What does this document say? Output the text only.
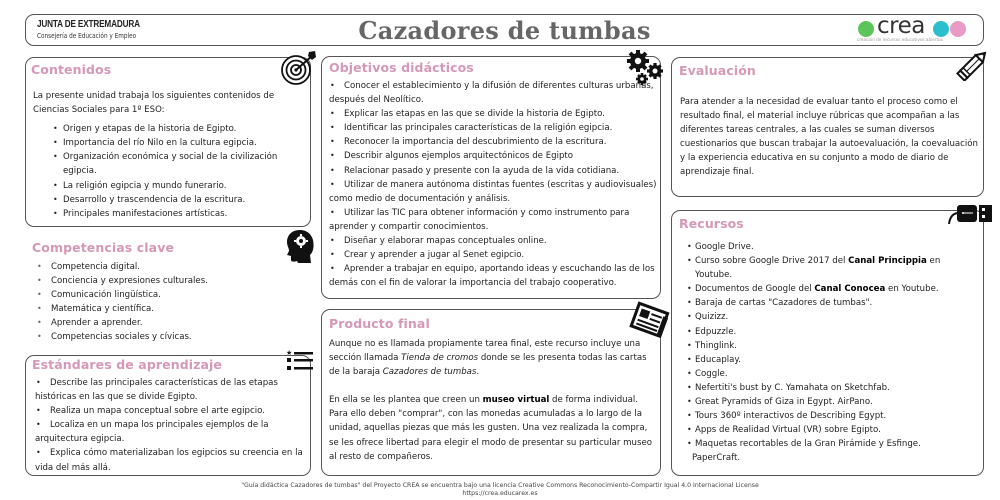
JUNTA DE EXTREMADURA
Consejería de Educación y Empleo	Cazadores de tumbas	crea
creación de recursos educativos abiertos
Contenidos
La presente unidad trabaja los siguientes contenidos de Ciencias Sociales para 1º ESO:
• Origen y etapas de la historia de Egipto.
• Importancia del río Nilo en la cultura egipcia.
• Organización económica y social de la civilización egipcia.
• La religión egipcia y mundo funerario.
• Desarrollo y trascendencia de la escritura.
• Principales manifestaciones artísticas.
Competencias clave
• Competencia digital.
• Conciencia y expresiones culturales.
• Comunicación lingüística.
• Matemática y científica.
• Aprender a aprender.
• Competencias sociales y cívicas.
Estándares de aprendizaje
★
• Describe las principales características de las etapas históricas en las que se divide Egipto.
• Realiza un mapa conceptual sobre el arte egipcio.
• Localiza en un mapa los principales ejemplos de la arquitectura egipcia.
• Explica cómo materializaban los egipcios su creencia en la vida del más allá.
Objetivos didácticos
• Conocer el establecimiento y la difusión de diferentes culturas urbanas, después del Neolítico.
• Explicar las etapas en las que se divide la historia de Egipto.
• Identificar las principales características de la religión egipcia.
• Reconocer la importancia del descubrimiento de la escritura.
• Describir algunos ejemplos arquitectónicos de Egipto
• Relacionar pasado y presente con la ayuda de la vida cotidiana.
• Utilizar de manera autónoma distintas fuentes (escritas y audiovisuales) como medio de documentación y análisis.
• Utilizar las TIC para obtener información y como instrumento para aprender y compartir conocimientos.
• Diseñar y elaborar mapas conceptuales online.
• Crear y aprender a jugar al Senet egipcio.
• Aprender a trabajar en equipo, aportando ideas y escuchando las de los demás con el fin de valorar la importancia del trabajo cooperativo.
Producto final

Aunque no es llamada propiamente tarea final, este recurso incluye una sección llamada Tienda de cromos donde se les presenta todas las cartas de la baraja Cazadores de tumbas.

En ella se les plantea que creen un museo virtual de forma individual. Para ello deben "comprar", con las monedas acumuladas a lo largo de la unidad, aquellas piezas que más les gusten. Una vez realizada la compra, se les ofrece libertad para elegir el modo de presentar su particular museo al resto de compañeros.

Evaluación
Para atender a la necesidad de evaluar tanto el proceso como el resultado final, el material incluye rúbricas que acompañan a las diferentes tareas centrales, a las cuales se suman diversos cuestionarios que buscan trabajar la autoevaluación, la coevaluación y la experiencia educativa en su conjunto a modo de diario de aprendizaje final.
Recursos
• Google Drive.
• Curso sobre Google Drive 2017 del Canal Princippia en Youtube.
• Documentos de Google del Canal Conocea en Youtube.
• Baraja de cartas "Cazadores de tumbas".
• Quizizz.
• Edpuzzle.
• Thinglink.
• Educaplay.
• Coggle.
• Nefertiti's bust by C. Yamahata on Sketchfab.
• Great Pyramids of Giza in Egypt. AirPano.
• Tours 360º interactivos de Describing Egypt.
• Apps de Realidad Virtual (VR) sobre Egipto.
• Maquetas recortables de la Gran Pirámide y Esfinge.
PaperCraft.
"Guía didáctica Cazadores de tumbas" del Proyecto CREA se encuentra bajo una licencia Creative Commons Reconocimiento-Compartir Igual 4.0 Internacional License
https://crea.educarex.es
